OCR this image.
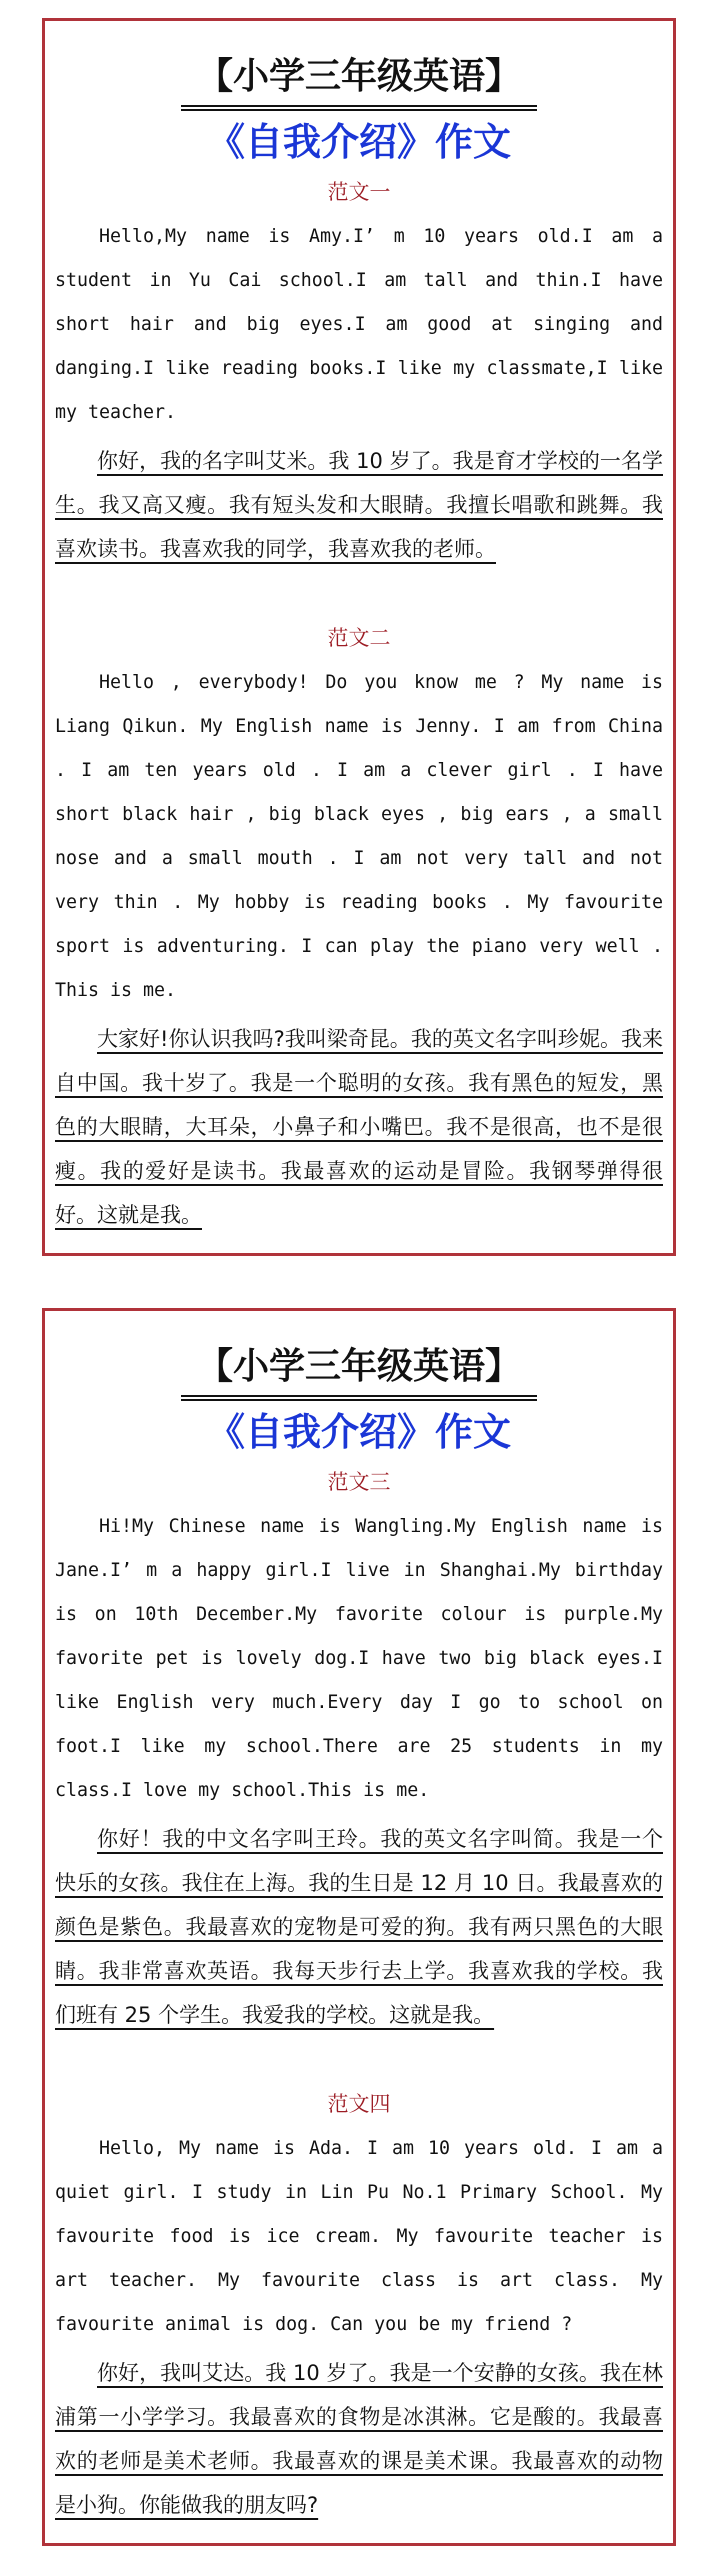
【小学三年级英语】
《自我介绍》作文
范文一

Hello,My name is Amy.I’ m 10 years old.I am a student in Yu Cai school.I am tall and thin.I have short hair and big eyes.I am good at singing and danging.I like reading books.I like my classmate,I like my teacher.

你好，我的名字叫艾米。我 10 岁了。我是育才学校的一名学生。我又高又瘦。我有短头发和大眼睛。我擅长唱歌和跳舞。我喜欢读书。我喜欢我的同学，我喜欢我的老师。

范文二

Hello , everybody! Do you know me ? My name is Liang Qikun. My English name is Jenny. I am from China . I am ten years old . I am a clever girl . I have short black hair , big black eyes , big ears , a small nose and a small mouth . I am not very tall and not very thin . My hobby is reading books . My favourite sport is adventuring. I can play the piano very well . This is me.

大家好!你认识我吗?我叫梁奇昆。我的英文名字叫珍妮。我来自中国。我十岁了。我是一个聪明的女孩。我有黑色的短发，黑色的大眼睛，大耳朵，小鼻子和小嘴巴。我不是很高，也不是很瘦。我的爱好是读书。我最喜欢的运动是冒险。我钢琴弹得很好。这就是我。

【小学三年级英语】
《自我介绍》作文
范文三

Hi!My Chinese name is Wangling.My English name is Jane.I’ m a happy girl.I live in Shanghai.My birthday is on 10th December.My favorite colour is purple.My favorite pet is lovely dog.I have two big black eyes.I like English very much.Every day I go to school on foot.I like my school.There are 25 students in my class.I love my school.This is me.

你好！我的中文名字叫王玲。我的英文名字叫简。我是一个快乐的女孩。我住在上海。我的生日是 12 月 10 日。我最喜欢的颜色是紫色。我最喜欢的宠物是可爱的狗。我有两只黑色的大眼睛。我非常喜欢英语。我每天步行去上学。我喜欢我的学校。我们班有 25 个学生。我爱我的学校。这就是我。

范文四

Hello, My name is Ada. I am 10 years old. I am a quiet girl. I study in Lin Pu No.1 Primary School. My favourite food is ice cream. My favourite teacher is art teacher. My favourite class is art class. My favourite animal is dog. Can you be my friend ?

你好，我叫艾达。我 10 岁了。我是一个安静的女孩。我在林浦第一小学学习。我最喜欢的食物是冰淇淋。它是酸的。我最喜欢的老师是美术老师。我最喜欢的课是美术课。我最喜欢的动物是小狗。你能做我的朋友吗?
